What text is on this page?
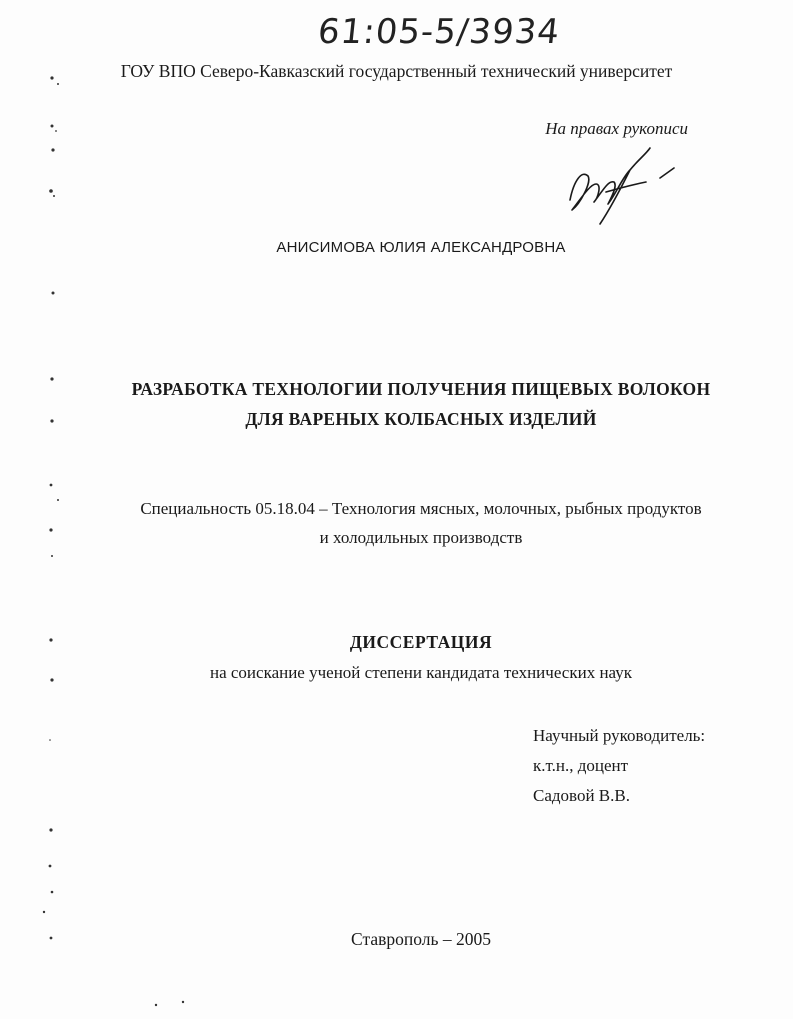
61:05-5/3934
ГОУ ВПО Северо-Кавказский государственный технический университет
На правах рукописи
АНИСИМОВА ЮЛИЯ АЛЕКСАНДРОВНА
РАЗРАБОТКА ТЕХНОЛОГИИ ПОЛУЧЕНИЯ ПИЩЕВЫХ ВОЛОКОН
ДЛЯ ВАРЕНЫХ КОЛБАСНЫХ ИЗДЕЛИЙ
Специальность 05.18.04 – Технология мясных, молочных, рыбных продуктов
и холодильных производств
ДИССЕРТАЦИЯ
на соискание ученой степени кандидата технических наук
Научный руководитель:
к.т.н., доцент
Садовой В.В.
Ставрополь – 2005
